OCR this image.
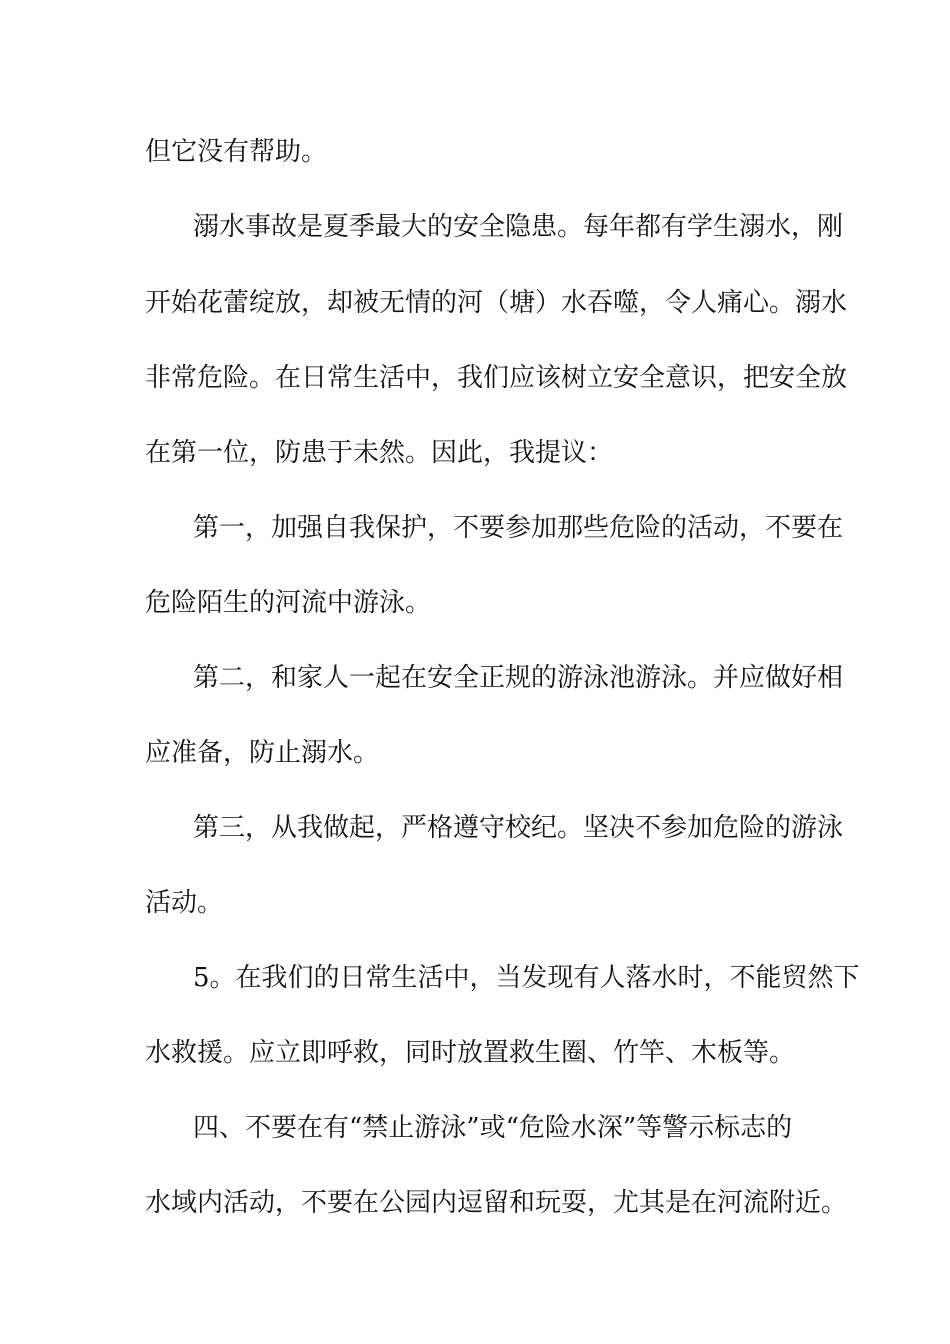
但它没有帮助。
溺水事故是夏季最大的安全隐患。每年都有学生溺水，刚
开始花蕾绽放，却被无情的河（塘）水吞噬，令人痛心。溺水
非常危险。在日常生活中，我们应该树立安全意识，把安全放
在第一位，防患于未然。因此，我提议：
第一，加强自我保护，不要参加那些危险的活动，不要在
危险陌生的河流中游泳。
第二，和家人一起在安全正规的游泳池游泳。并应做好相
应准备，防止溺水。
第三，从我做起，严格遵守校纪。坚决不参加危险的游泳
活动。
5。在我们的日常生活中，当发现有人落水时，不能贸然下
水救援。应立即呼救，同时放置救生圈、竹竿、木板等。
四、不要在有“禁止游泳”或“危险水深”等警示标志的
水域内活动，不要在公园内逗留和玩耍，尤其是在河流附近。
